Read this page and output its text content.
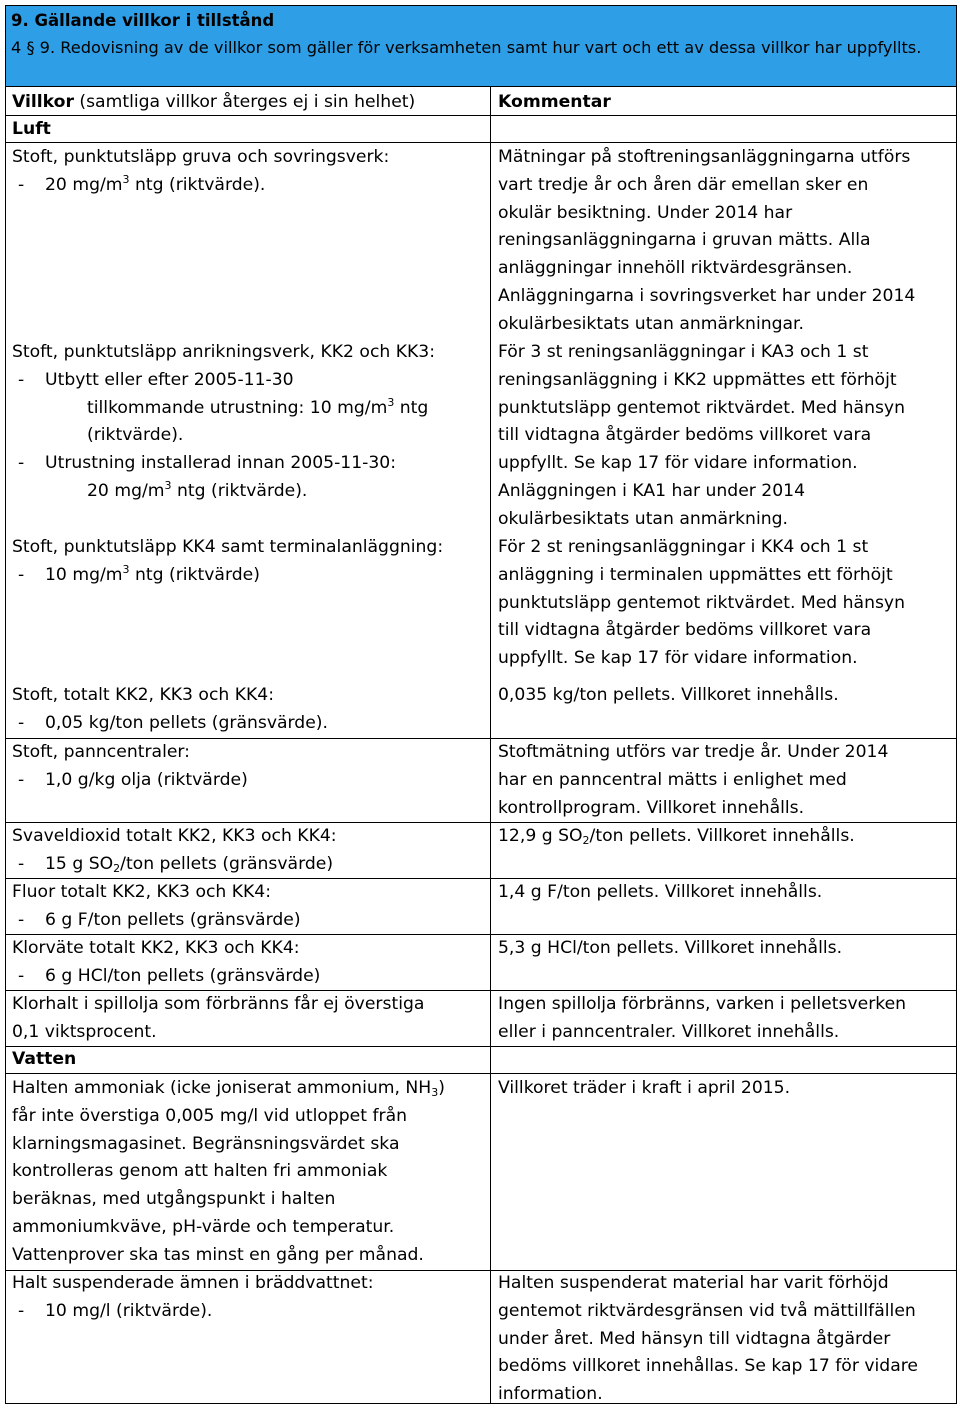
9. Gällande villkor i tillstånd
4 § 9. Redovisning av de villkor som gäller för verksamheten samt hur vart och ett av dessa villkor har uppfyllts.
Villkor (samtliga villkor återges ej i sin helhet)	Kommentar
Luft
Stoft, punktutsläpp gruva och sovringsverk:
- 20 $mg/m^3$ ntg (riktvärde).
Mätningar på stoftreningsanläggningarna utförs
vart tredje år och åren där emellan sker en
okulär besiktning. Under 2014 har
reningsanläggningarna i gruvan mätts. Alla
anläggningar innehöll riktvärdesgränsen.
Anläggningarna i sovringsverket har under 2014
okulärbesiktats utan anmärkningar.
Stoft, punktutsläpp anrikningsverk, KK2 och KK3:
- Utbytt eller efter 2005-11-30
tillkommande utrustning: 10 $mg/m^3$ ntg
(riktvärde).
- Utrustning installerad innan 2005-11-30:
20 $mg/m^3$ ntg (riktvärde).
För 3 st reningsanläggningar i KA3 och 1 st
reningsanläggning i KK2 uppmättes ett förhöjt
punktutsläpp gentemot riktvärdet. Med hänsyn
till vidtagna åtgärder bedöms villkoret vara
uppfyllt. Se kap 17 för vidare information.
Anläggningen i KA1 har under 2014
okulärbesiktats utan anmärkning.
Stoft, punktutsläpp KK4 samt terminalanläggning:
- 10 $mg/m^3$ ntg (riktvärde)
För 2 st reningsanläggningar i KK4 och 1 st
anläggning i terminalen uppmättes ett förhöjt
punktutsläpp gentemot riktvärdet. Med hänsyn
till vidtagna åtgärder bedöms villkoret vara
uppfyllt. Se kap 17 för vidare information.
Stoft, totalt KK2, KK3 och KK4:
- 0,05 kg/ton pellets (gränsvärde).
0,035 kg/ton pellets. Villkoret innehålls.
Stoft, panncentraler:
- 1,0 g/kg olja (riktvärde)
Stoftmätning utförs var tredje år. Under 2014
har en panncentral mätts i enlighet med
kontrollprogram. Villkoret innehålls.
Svaveldioxid totalt KK2, KK3 och KK4:
- 15 g $SO_2$/ton pellets (gränsvärde)
12,9 g $SO_2$/ton pellets. Villkoret innehålls.
Fluor totalt KK2, KK3 och KK4:
- 6 g F/ton pellets (gränsvärde)
1,4 g F/ton pellets. Villkoret innehålls.
Klorväte totalt KK2, KK3 och KK4:
- 6 g HCl/ton pellets (gränsvärde)
5,3 g HCl/ton pellets. Villkoret innehålls.
Klorhalt i spillolja som förbränns får ej överstiga
0,1 viktsprocent.
Ingen spillolja förbränns, varken i pelletsverken
eller i panncentraler. Villkoret innehålls.
Vatten
Halten ammoniak (icke joniserat ammonium, $NH_3$)
får inte överstiga 0,005 mg/l vid utloppet från
klarningsmagasinet. Begränsningsvärdet ska
kontrolleras genom att halten fri ammoniak
beräknas, med utgångspunkt i halten
ammoniumkväve, pH-värde och temperatur.
Vattenprover ska tas minst en gång per månad.
Villkoret träder i kraft i april 2015.
Halt suspenderade ämnen i bräddvattnet:
- 10 mg/l (riktvärde).
Halten suspenderat material har varit förhöjd
gentemot riktvärdesgränsen vid två mättillfällen
under året. Med hänsyn till vidtagna åtgärder
bedöms villkoret innehållas. Se kap 17 för vidare
information.
